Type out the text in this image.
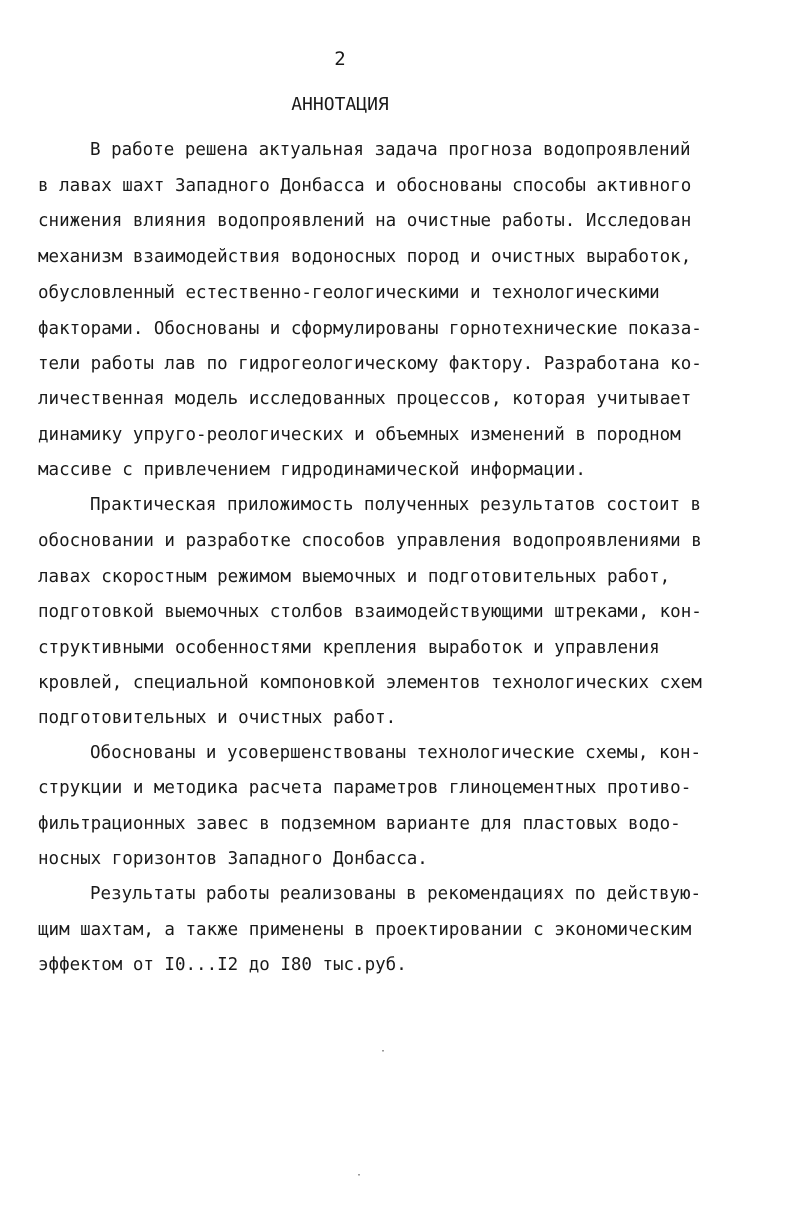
2
АННОТАЦИЯ

В работе решена актуальная задача прогноза водопроявлений

в лавах шахт Западного Донбасса и обоснованы способы активного

снижения влияния водопроявлений на очистные работы. Исследован

механизм взаимодействия водоносных пород и очистных выработок,

обусловленный естественно-геологическими и технологическими

факторами. Обоснованы и сформулированы горнотехнические показа-

тели работы лав по гидрогеологическому фактору. Разработана ко-

личественная модель исследованных процессов, которая учитывает

динамику упруго-реологических и объемных изменений в породном

массиве с привлечением гидродинамической информации.

Практическая приложимость полученных результатов состоит в

обосновании и разработке способов управления водопроявлениями в

лавах скоростным режимом выемочных и подготовительных работ,

подготовкой выемочных столбов взаимодействующими штреками, кон-

структивными особенностями крепления выработок и управления

кровлей, специальной компоновкой элементов технологических схем

подготовительных и очистных работ.

Обоснованы и усовершенствованы технологические схемы, кон-

струкции и методика расчета параметров глиноцементных противо-

фильтрационных завес в подземном варианте для пластовых водо-

носных горизонтов Западного Донбасса.

Результаты работы реализованы в рекомендациях по действую-

щим шахтам, а также применены в проектировании с экономическим

эффектом от I0...I2 до I80 тыс.руб.

·
·
